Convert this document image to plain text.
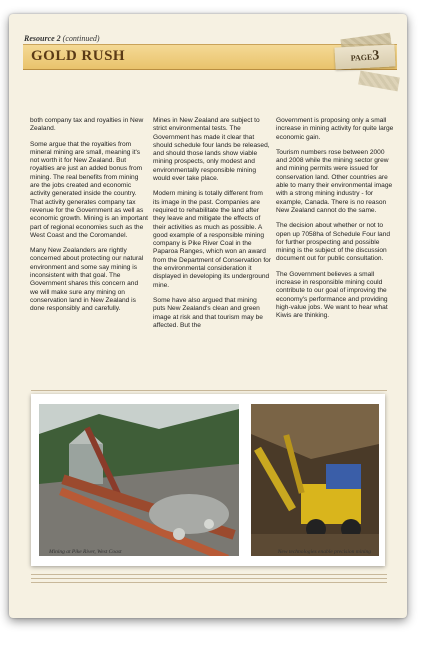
Resource 2 (continued)
GOLD RUSH	PAGE3

both company tax and royalties in New Zealand.

Some argue that the royalties from mineral mining are small, meaning it's not worth it for New Zealand. But royalties are just an added bonus from mining. The real benefits from mining are the jobs created and economic activity generated inside the country. That activity generates company tax revenue for the Government as well as economic growth. Mining is an important part of regional economies such as the West Coast and the Coromandel.

Many New Zealanders are rightly concerned about protecting our natural environment and some say mining is inconsistent with that goal. The Government shares this concern and we will make sure any mining on conservation land in New Zealand is done responsibly and carefully.

Mines in New Zealand are subject to strict environmental tests. The Government has made it clear that should schedule four lands be released, and should those lands show viable mining prospects, only modest and environmentally responsible mining would ever take place.

Modern mining is totally different from its image in the past. Companies are required to rehabilitate the land after they leave and mitigate the effects of their activities as much as possible. A good example of a responsible mining company is Pike River Coal in the Paparoa Ranges, which won an award from the Department of Conservation for the environmental consideration it displayed in developing its underground mine.

Some have also argued that mining puts New Zealand's clean and green image at risk and that tourism may be affected. But the

Government is proposing only a small increase in mining activity for quite large economic gain.

Tourism numbers rose between 2000 and 2008 while the mining sector grew and mining permits were issued for conservation land. Other countries are able to marry their environmental image with a strong mining industry - for example, Canada. There is no reason New Zealand cannot do the same.

The decision about whether or not to open up 7058ha of Schedule Four land for further prospecting and possible mining is the subject of the discussion document out for public consultation.

The Government believes a small increase in responsible mining could contribute to our goal of improving the economy's performance and providing high-value jobs. We want to hear what Kiwis are thinking.

Mining at Pike River, West Coast	New technologies enable precision mining
